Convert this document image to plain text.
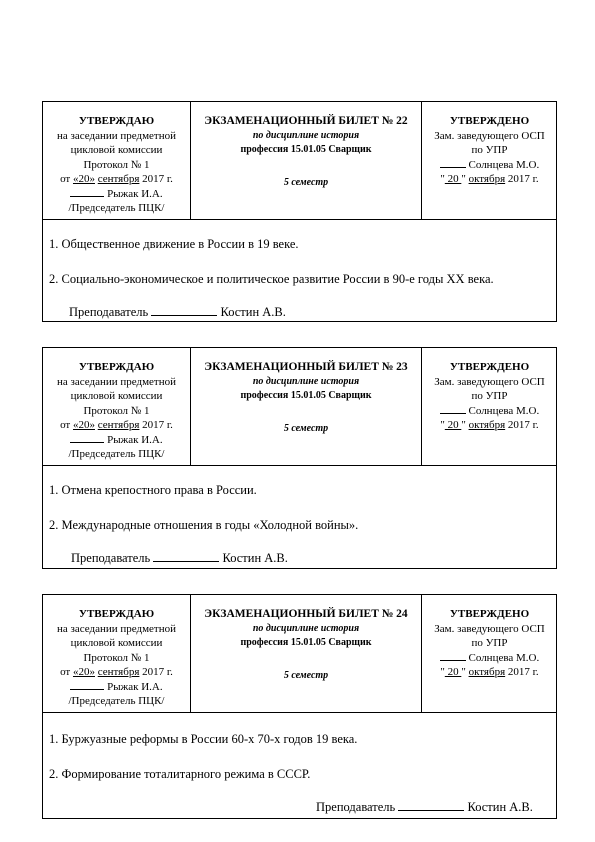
УТВЕРЖДАЮ
на заседании предметной
цикловой комиссии
Протокол № 1
от «20» сентября 2017 г.
Рыжак И.А.
/Председатель ПЦК/
ЭКЗАМЕНАЦИОННЫЙ БИЛЕТ № 22
по дисциплине история
профессия 15.01.05 Сварщик
5 семестр
УТВЕРЖДЕНО
Зам. заведующего ОСП
по УПР
Солнцева М.О.
" 20 " октября 2017 г.
1. Общественное движение в России в 19 веке.
2. Социально-экономическое и политическое развитие России в 90-е годы ХХ века.
Преподаватель	Костин А.В.
УТВЕРЖДАЮ
на заседании предметной
цикловой комиссии
Протокол № 1
от «20» сентября 2017 г.
Рыжак И.А.
/Председатель ПЦК/
ЭКЗАМЕНАЦИОННЫЙ БИЛЕТ № 23
по дисциплине история
профессия 15.01.05 Сварщик
5 семестр
УТВЕРЖДЕНО
Зам. заведующего ОСП
по УПР
Солнцева М.О.
" 20 " октября 2017 г.
1. Отмена крепостного права в России.
2. Международные отношения в годы «Холодной войны».
Преподаватель	Костин А.В.
УТВЕРЖДАЮ
на заседании предметной
цикловой комиссии
Протокол № 1
от «20» сентября 2017 г.
Рыжак И.А.
/Председатель ПЦК/
ЭКЗАМЕНАЦИОННЫЙ БИЛЕТ № 24
по дисциплине история
профессия 15.01.05 Сварщик
5 семестр
УТВЕРЖДЕНО
Зам. заведующего ОСП
по УПР
Солнцева М.О.
" 20 " октября 2017 г.
1. Буржуазные реформы в России 60-х 70-х годов 19 века.
2. Формирование тоталитарного режима в СССР.
Преподаватель	Костин А.В.
